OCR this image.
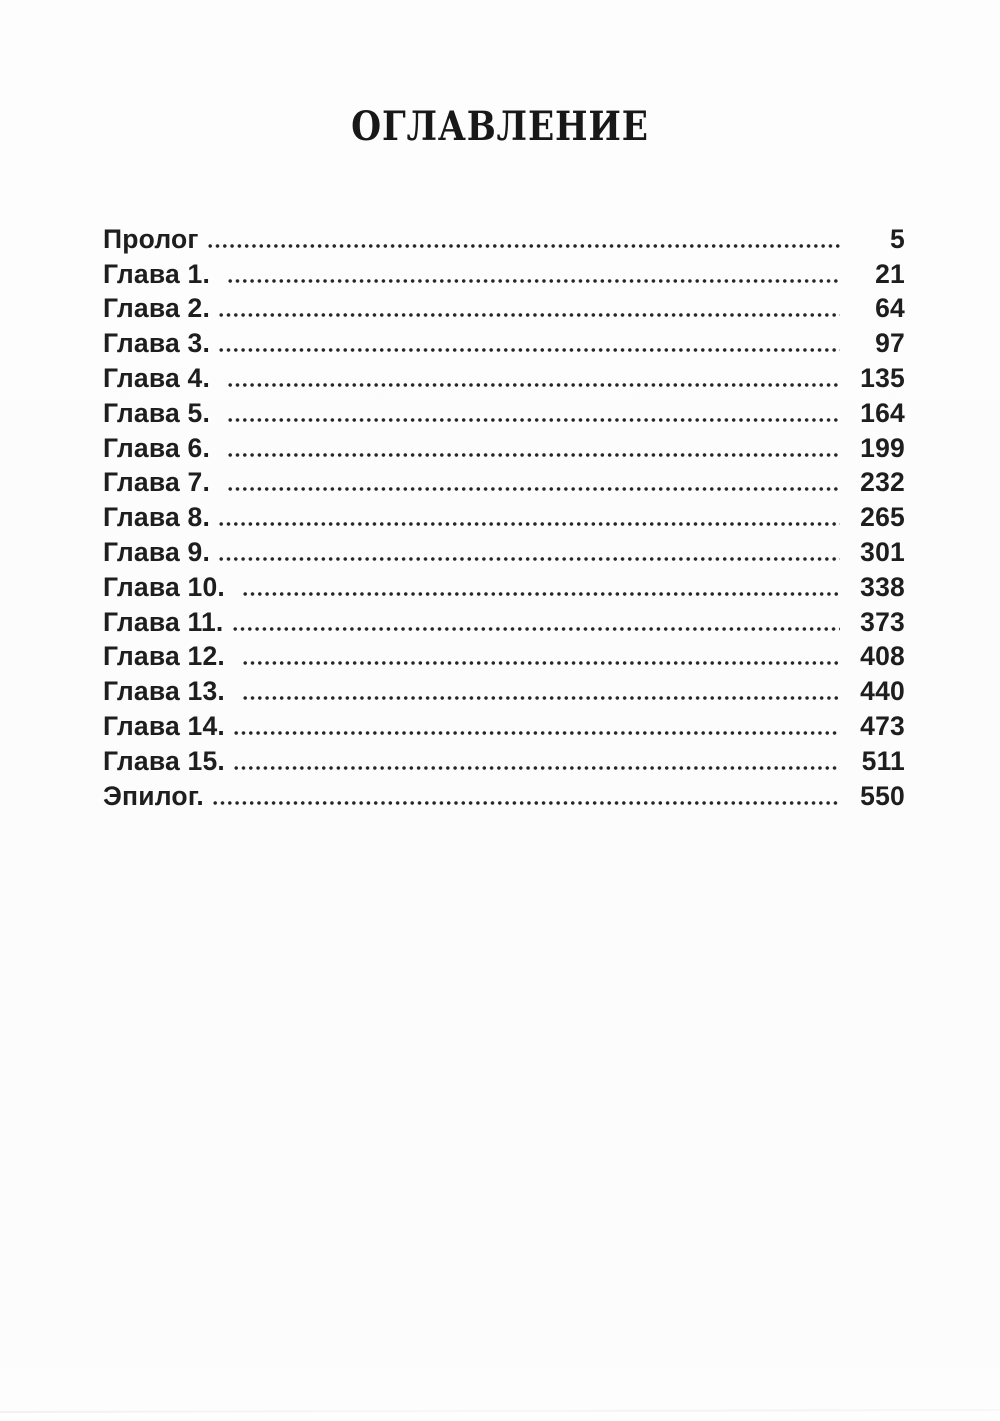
ОГЛАВЛЕНИЕ
Пролог	5
Глава 1.	21
Глава 2.	64
Глава 3.	97
Глава 4.	135
Глава 5.	164
Глава 6.	199
Глава 7.	232
Глава 8.	265
Глава 9.	301
Глава 10.	338
Глава 11.	373
Глава 12.	408
Глава 13.	440
Глава 14.	473
Глава 15.	511
Эпилог.	550
